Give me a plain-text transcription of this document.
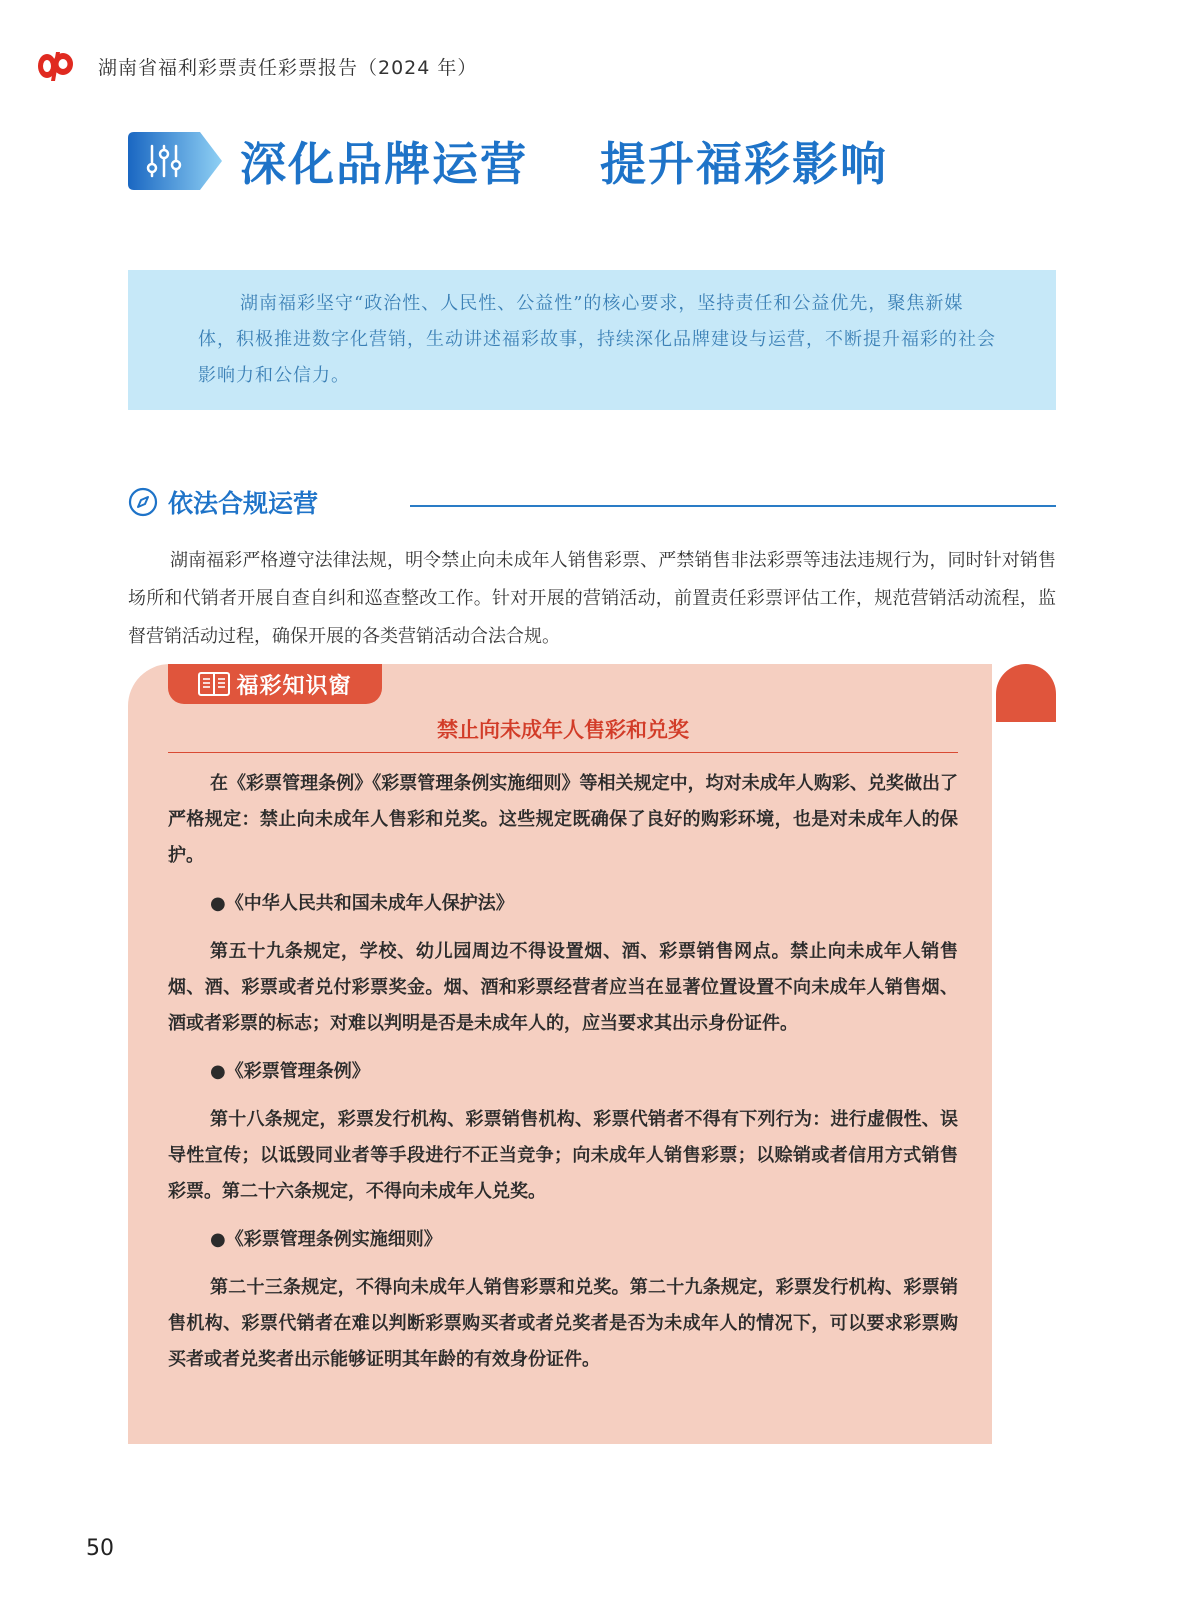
湖南省福利彩票责任彩票报告（2024 年）
深化品牌运营    提升福彩影响
湖南福彩坚守“政治性、人民性、公益性”的核心要求，坚持责任和公益优先，聚焦新媒体，积极推进数字化营销，生动讲述福彩故事，持续深化品牌建设与运营，不断提升福彩的社会影响力和公信力。
依法合规运营
湖南福彩严格遵守法律法规，明令禁止向未成年人销售彩票、严禁销售非法彩票等违法违规行为，同时针对销售场所和代销者开展自查自纠和巡查整改工作。针对开展的营销活动，前置责任彩票评估工作，规范营销活动流程，监督营销活动过程，确保开展的各类营销活动合法合规。
福彩知识窗
禁止向未成年人售彩和兑奖

在《彩票管理条例》《彩票管理条例实施细则》等相关规定中，均对未成年人购彩、兑奖做出了严格规定：禁止向未成年人售彩和兑奖。这些规定既确保了良好的购彩环境，也是对未成年人的保护。

●《中华人民共和国未成年人保护法》

第五十九条规定，学校、幼儿园周边不得设置烟、酒、彩票销售网点。禁止向未成年人销售烟、酒、彩票或者兑付彩票奖金。烟、酒和彩票经营者应当在显著位置设置不向未成年人销售烟、酒或者彩票的标志；对难以判明是否是未成年人的，应当要求其出示身份证件。

●《彩票管理条例》

第十八条规定，彩票发行机构、彩票销售机构、彩票代销者不得有下列行为：进行虚假性、误导性宣传；以诋毁同业者等手段进行不正当竞争；向未成年人销售彩票；以赊销或者信用方式销售彩票。第二十六条规定，不得向未成年人兑奖。

●《彩票管理条例实施细则》

第二十三条规定，不得向未成年人销售彩票和兑奖。第二十九条规定，彩票发行机构、彩票销售机构、彩票代销者在难以判断彩票购买者或者兑奖者是否为未成年人的情况下，可以要求彩票购买者或者兑奖者出示能够证明其年龄的有效身份证件。

50
